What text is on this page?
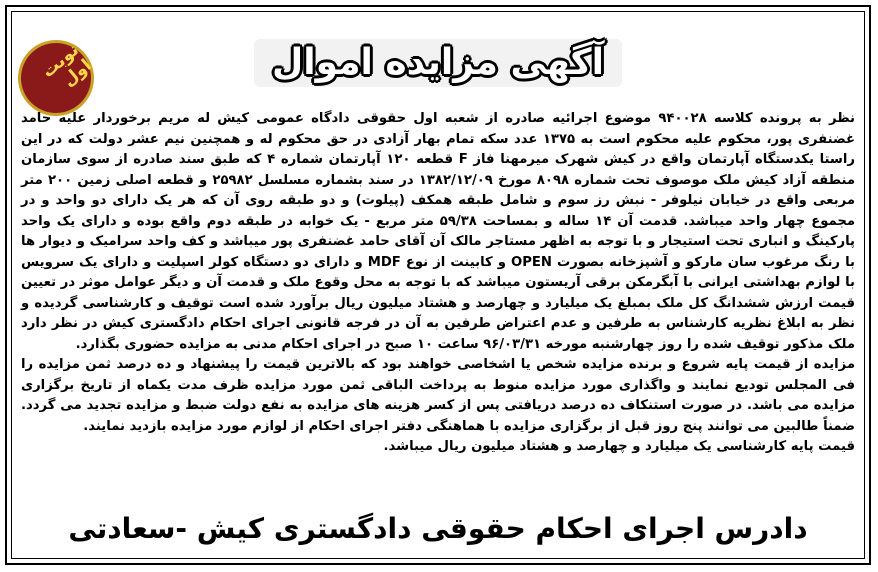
نوبت اول	آگهی مزایده اموال

نظر به پرونده کلاسه ۹۴۰۰۲۸ موضوع اجرائیه صادره از شعبه اول حقوقی دادگاه عمومی کیش له مریم برخوردار علیه حامد غضنفری پور، محکوم علیه محکوم است به ۱۳۷۵ عدد سکه تمام بهار آزادی در حق محکوم له و همچنین نیم عشر دولت که در این راستا یکدستگاه آپارتمان واقع در کیش شهرک میرمهنا فاز F قطعه ۱۲۰ آپارتمان شماره ۴ که طبق سند صادره از سوی سازمان منطقه آزاد کیش ملک موصوف تحت شماره ۸۰۹۸ مورخ ۱۳۸۲/۱۲/۰۹ در سند بشماره مسلسل ۲۵۹۸۲ و قطعه اصلی زمین ۲۰۰ متر مربعی واقع در خیابان نیلوفر - نبش رز سوم و شامل طبقه همکف (پیلوت) و دو طبقه روی آن که هر یک دارای دو واحد و در مجموع چهار واحد میباشد. قدمت آن ۱۴ ساله و بمساحت ۵۹/۳۸ متر مربع - یک خوابه در طبقه دوم واقع بوده و دارای یک واحد پارکینگ و انباری تحت استیجار و با توجه به اظهر مستاجر مالک آن آقای حامد غضنفری پور میباشد و کف واحد سرامیک و دیوار ها با رنگ مرغوب سان مارکو و آشپزخانه بصورت OPEN و کابینت از نوع MDF و دارای دو دستگاه کولر اسپلیت و دارای یک سرویس با لوازم بهداشتی ایرانی با آبگرمکن برقی آریستون میباشد که با توجه به محل وقوع ملک و قدمت آن و دیگر عوامل موثر در تعیین قیمت ارزش ششدانگ کل ملک بمبلغ یک میلیارد و چهارصد و هشتاد میلیون ریال برآورد شده است توقیف و کارشناسی گردیده و نظر به ابلاغ نظریه کارشناس به طرفین و عدم اعتراض طرفین به آن در فرجه قانونی اجرای احکام دادگستری کیش در نظر دارد ملک مذکور توقیف شده را روز چهارشنبه مورخه ۹۶/۰۳/۳۱ ساعت ۱۰ صبح در اجرای احکام مدنی به مزایده حضوری بگذارد.

مزایده از قیمت پایه شروع و برنده مزایده شخص یا اشخاصی خواهند بود که بالاترین قیمت را پیشنهاد و ده درصد ثمن مزایده را فی المجلس تودیع نمایند و واگذاری مورد مزایده منوط به پرداخت الباقی ثمن مورد مزایده ظرف مدت یکماه از تاریخ برگزاری مزایده می باشد. در صورت استنکاف ده درصد دریافتی پس از کسر هزینه های مزایده به نفع دولت ضبط و مزایده تجدید می گردد. ضمناً طالبین می توانند پنج روز قبل از برگزاری مزایده با هماهنگی دفتر اجرای احکام از لوازم مورد مزایده بازدید نمایند.

قیمت پایه کارشناسی یک میلیارد و چهارصد و هشتاد میلیون ریال میباشد.

دادرس اجرای احکام حقوقی دادگستری کیش -سعادتی
